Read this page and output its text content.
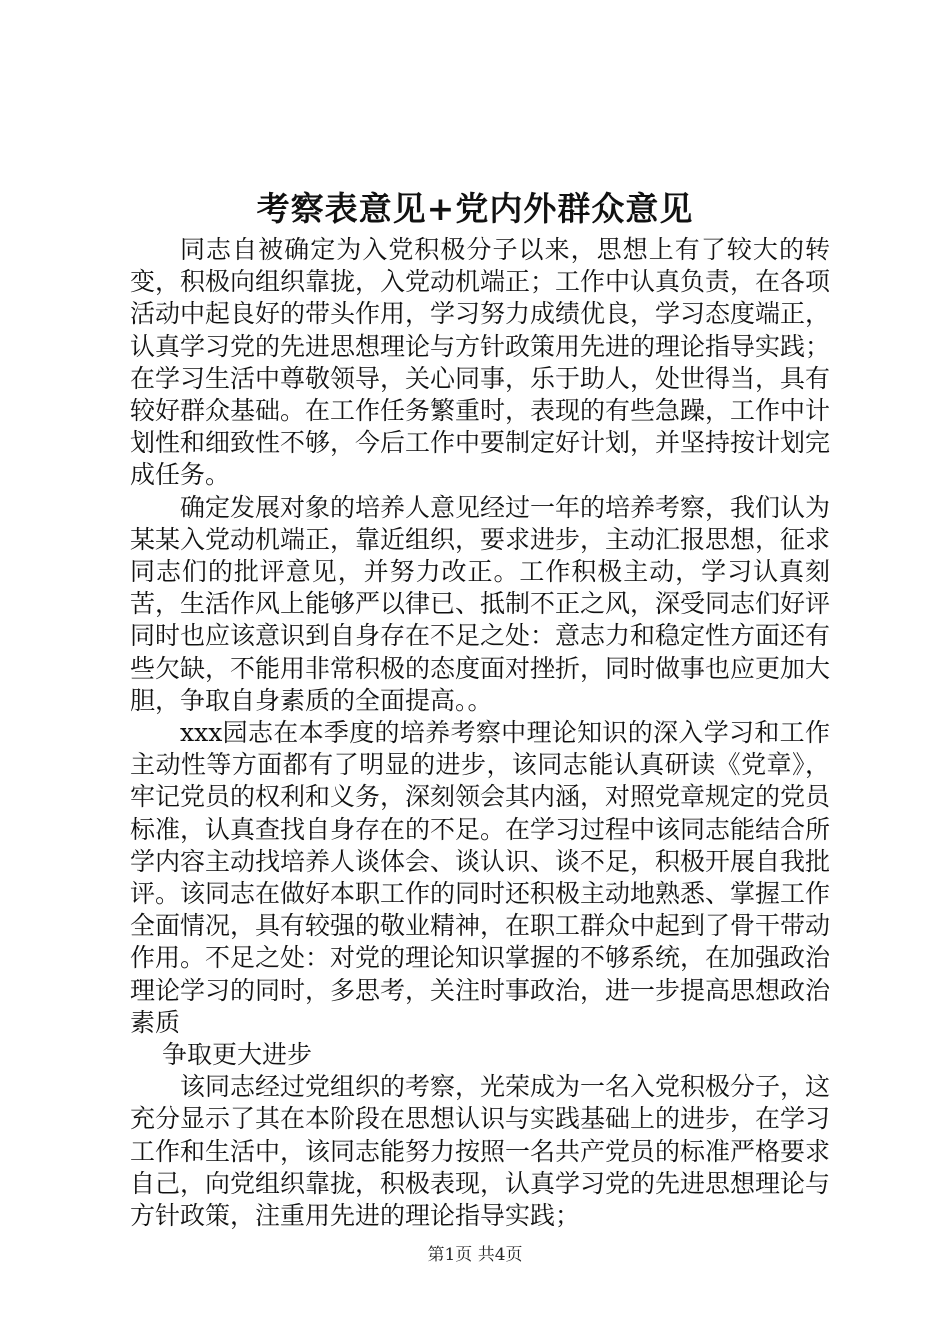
考察表意见+党内外群众意见

同志自被确定为入党积极分子以来，思想上有了较大的转变，积极向组织靠拢，入党动机端正；工作中认真负责，在各项活动中起良好的带头作用，学习努力成绩优良，学习态度端正，认真学习党的先进思想理论与方针政策用先进的理论指导实践；在学习生活中尊敬领导，关心同事，乐于助人，处世得当，具有较好群众基础。在工作任务繁重时，表现的有些急躁，工作中计划性和细致性不够，今后工作中要制定好计划，并坚持按计划完成任务。

确定发展对象的培养人意见经过一年的培养考察，我们认为某某入党动机端正，靠近组织，要求进步，主动汇报思想，征求同志们的批评意见，并努力改正。工作积极主动，学习认真刻苦，生活作风上能够严以律已、抵制不正之风，深受同志们好评同时也应该意识到自身存在不足之处：意志力和稳定性方面还有些欠缺，不能用非常积极的态度面对挫折，同时做事也应更加大胆，争取自身素质的全面提高。。

xxx园志在本季度的培养考察中理论知识的深入学习和工作主动性等方面都有了明显的进步，该同志能认真研读《党章》，牢记党员的权利和义务，深刻领会其内涵，对照党章规定的党员标准，认真查找自身存在的不足。在学习过程中该同志能结合所学内容主动找培养人谈体会、谈认识、谈不足，积极开展自我批评。该同志在做好本职工作的同时还积极主动地熟悉、掌握工作全面情况，具有较强的敬业精神，在职工群众中起到了骨干带动作用。不足之处：对党的理论知识掌握的不够系统，在加强政治理论学习的同时，多思考，关注时事政治，进一步提高思想政治素质

争取更大进步

该同志经过党组织的考察，光荣成为一名入党积极分子，这充分显示了其在本阶段在思想认识与实践基础上的进步，在学习工作和生活中，该同志能努力按照一名共产党员的标准严格要求自己，向党组织靠拢，积极表现，认真学习党的先进思想理论与方针政策，注重用先进的理论指导实践；

第1页 共4页
